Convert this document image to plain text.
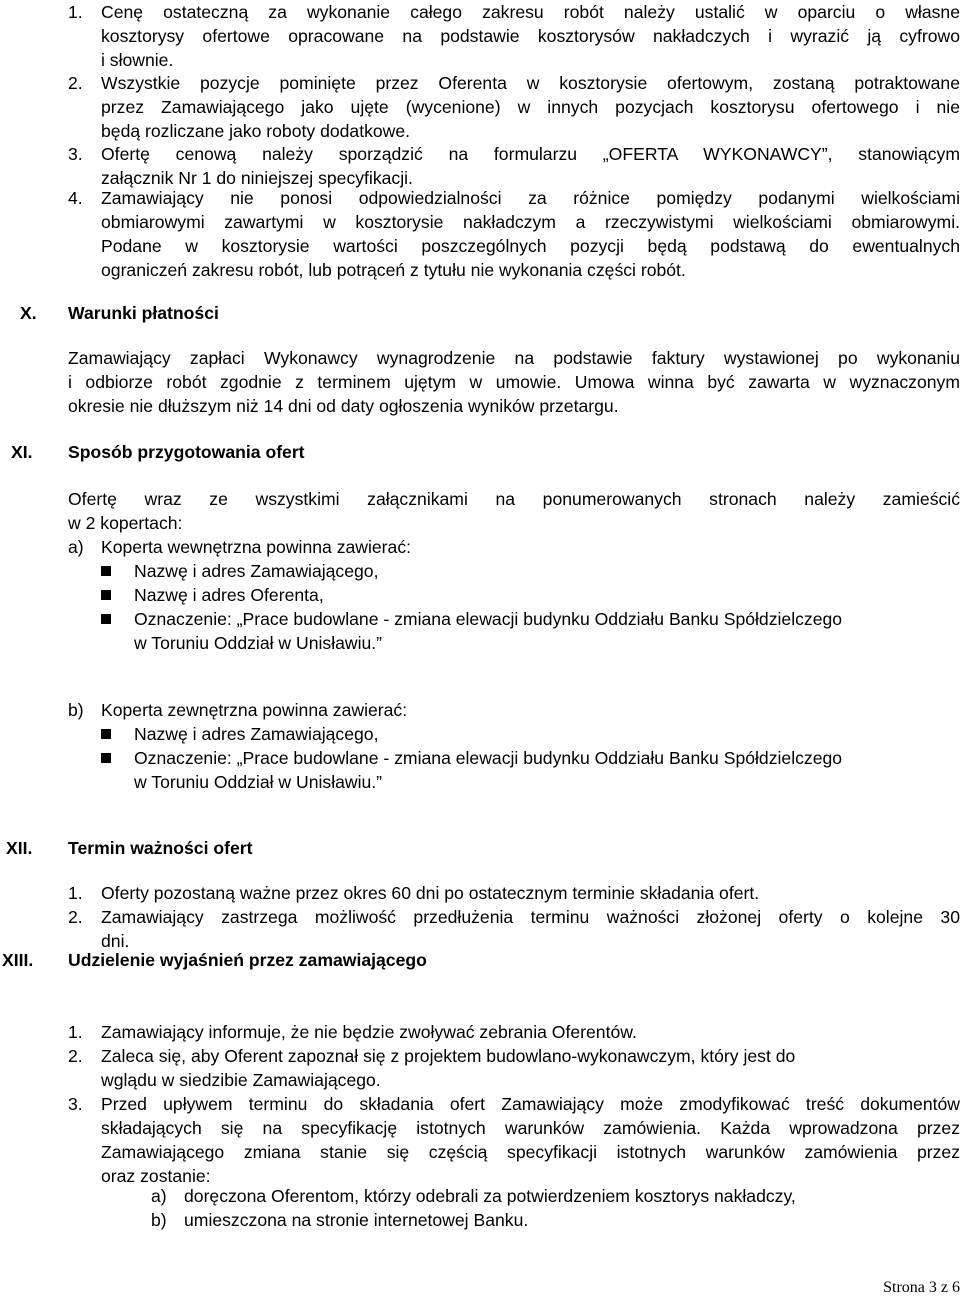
1. Cenę ostateczną za wykonanie całego zakresu robót należy ustalić w oparciu o własne
kosztorysy ofertowe opracowane na podstawie kosztorysów nakładczych i wyrazić ją cyfrowo
i słownie.
2. Wszystkie pozycje pominięte przez Oferenta w kosztorysie ofertowym, zostaną potraktowane
przez Zamawiającego jako ujęte (wycenione) w innych pozycjach kosztorysu ofertowego i nie
będą rozliczane jako roboty dodatkowe.
3. Ofertę cenową należy sporządzić na formularzu „OFERTA WYKONAWCY”, stanowiącym
załącznik Nr 1 do niniejszej specyfikacji.
4. Zamawiający nie ponosi odpowiedzialności za różnice pomiędzy podanymi wielkościami
obmiarowymi zawartymi w kosztorysie nakładczym a rzeczywistymi wielkościami obmiarowymi.
Podane w kosztorysie wartości poszczególnych pozycji będą podstawą do ewentualnych
ograniczeń zakresu robót, lub potrąceń z tytułu nie wykonania części robót.
X. Warunki płatności
Zamawiający zapłaci Wykonawcy wynagrodzenie na podstawie faktury wystawionej po wykonaniu
i odbiorze robót zgodnie z terminem ujętym w umowie. Umowa winna być zawarta w wyznaczonym
okresie nie dłuższym niż 14 dni od daty ogłoszenia wyników przetargu.
XI. Sposób przygotowania ofert
Ofertę wraz ze wszystkimi załącznikami na ponumerowanych stronach należy zamieścić
w 2 kopertach:
a) Koperta wewnętrzna powinna zawierać:
Nazwę i adres Zamawiającego,
Nazwę i adres Oferenta,
Oznaczenie: „Prace budowlane - zmiana elewacji budynku Oddziału Banku Spółdzielczego
w Toruniu Oddział w Unisławiu.”
b) Koperta zewnętrzna powinna zawierać:
Nazwę i adres Zamawiającego,
Oznaczenie: „Prace budowlane - zmiana elewacji budynku Oddziału Banku Spółdzielczego
w Toruniu Oddział w Unisławiu.”
XII. Termin ważności ofert
1. Oferty pozostaną ważne przez okres 60 dni po ostatecznym terminie składania ofert.
2. Zamawiający zastrzega możliwość przedłużenia terminu ważności złożonej oferty o kolejne 30
dni.
XIII. Udzielenie wyjaśnień przez zamawiającego
1. Zamawiający informuje, że nie będzie zwoływać zebrania Oferentów.
2. Zaleca się, aby Oferent zapoznał się z projektem budowlano-wykonawczym, który jest do
wglądu w siedzibie Zamawiającego.
3. Przed upływem terminu do składania ofert Zamawiający może zmodyfikować treść dokumentów
składających się na specyfikację istotnych warunków zamówienia. Każda wprowadzona przez
Zamawiającego zmiana stanie się częścią specyfikacji istotnych warunków zamówienia przez
oraz zostanie:
a) doręczona Oferentom, którzy odebrali za potwierdzeniem kosztorys nakładczy,
b) umieszczona na stronie internetowej Banku.
Strona 3 z 6
